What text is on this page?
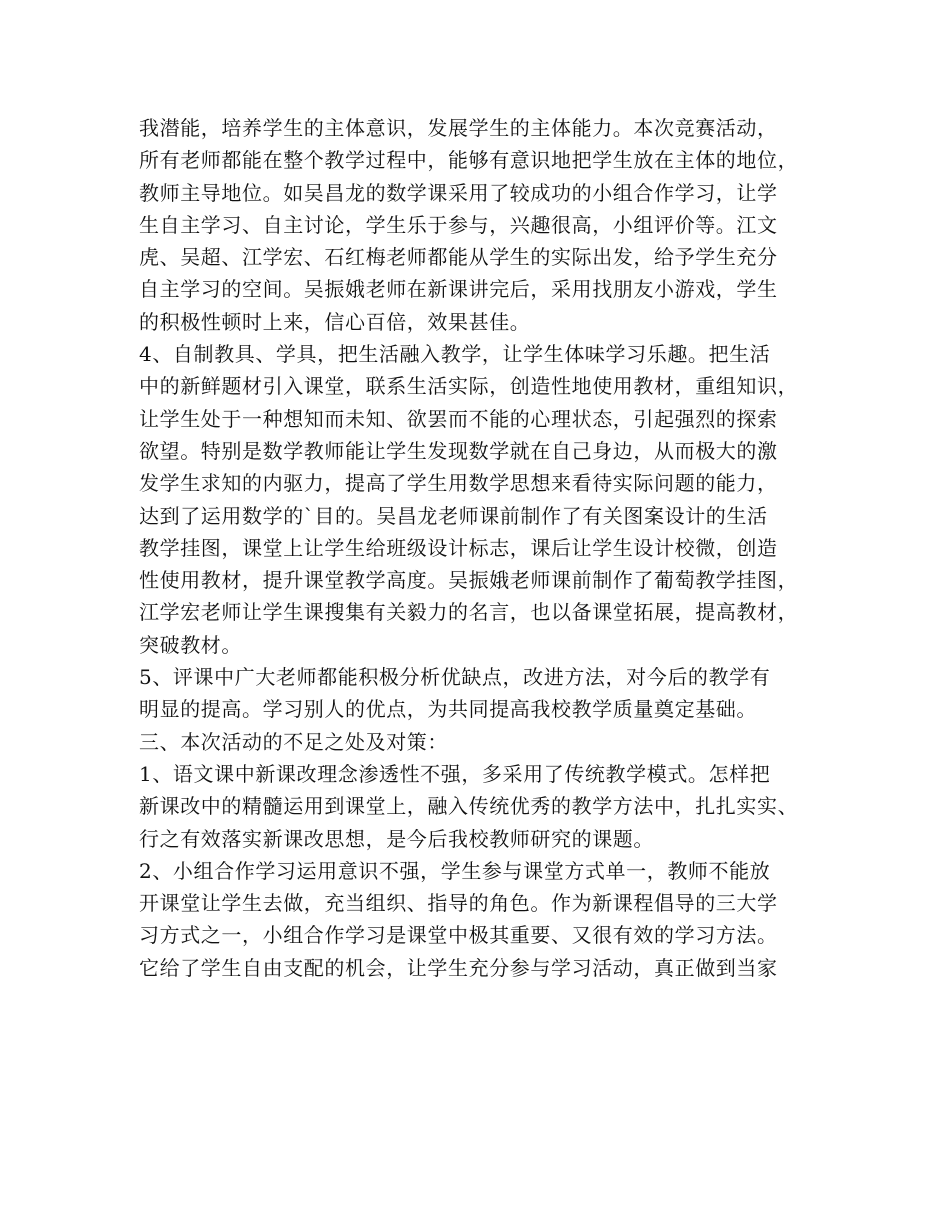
我潜能，培养学生的主体意识，发展学生的主体能力。本次竞赛活动，
所有老师都能在整个教学过程中，能够有意识地把学生放在主体的地位，
教师主导地位。如吴昌龙的数学课采用了较成功的小组合作学习，让学
生自主学习、自主讨论，学生乐于参与，兴趣很高，小组评价等。江文
虎、吴超、江学宏、石红梅老师都能从学生的实际出发，给予学生充分
自主学习的空间。吴振娥老师在新课讲完后，采用找朋友小游戏，学生
的积极性顿时上来，信心百倍，效果甚佳。
4、自制教具、学具，把生活融入教学，让学生体味学习乐趣。把生活
中的新鲜题材引入课堂，联系生活实际，创造性地使用教材，重组知识，
让学生处于一种想知而未知、欲罢而不能的心理状态，引起强烈的探索
欲望。特别是数学教师能让学生发现数学就在自己身边，从而极大的激
发学生求知的内驱力，提高了学生用数学思想来看待实际问题的能力，
达到了运用数学的`目的。吴昌龙老师课前制作了有关图案设计的生活
教学挂图，课堂上让学生给班级设计标志，课后让学生设计校微，创造
性使用教材，提升课堂教学高度。吴振娥老师课前制作了葡萄教学挂图，
江学宏老师让学生课搜集有关毅力的名言，也以备课堂拓展，提高教材，
突破教材。
5、评课中广大老师都能积极分析优缺点，改进方法，对今后的教学有
明显的提高。学习别人的优点，为共同提高我校教学质量奠定基础。
三、本次活动的不足之处及对策：
1、语文课中新课改理念渗透性不强，多采用了传统教学模式。怎样把
新课改中的精髓运用到课堂上，融入传统优秀的教学方法中，扎扎实实、
行之有效落实新课改思想，是今后我校教师研究的课题。
2、小组合作学习运用意识不强，学生参与课堂方式单一，教师不能放
开课堂让学生去做，充当组织、指导的角色。作为新课程倡导的三大学
习方式之一，小组合作学习是课堂中极其重要、又很有效的学习方法。
它给了学生自由支配的机会，让学生充分参与学习活动，真正做到当家
